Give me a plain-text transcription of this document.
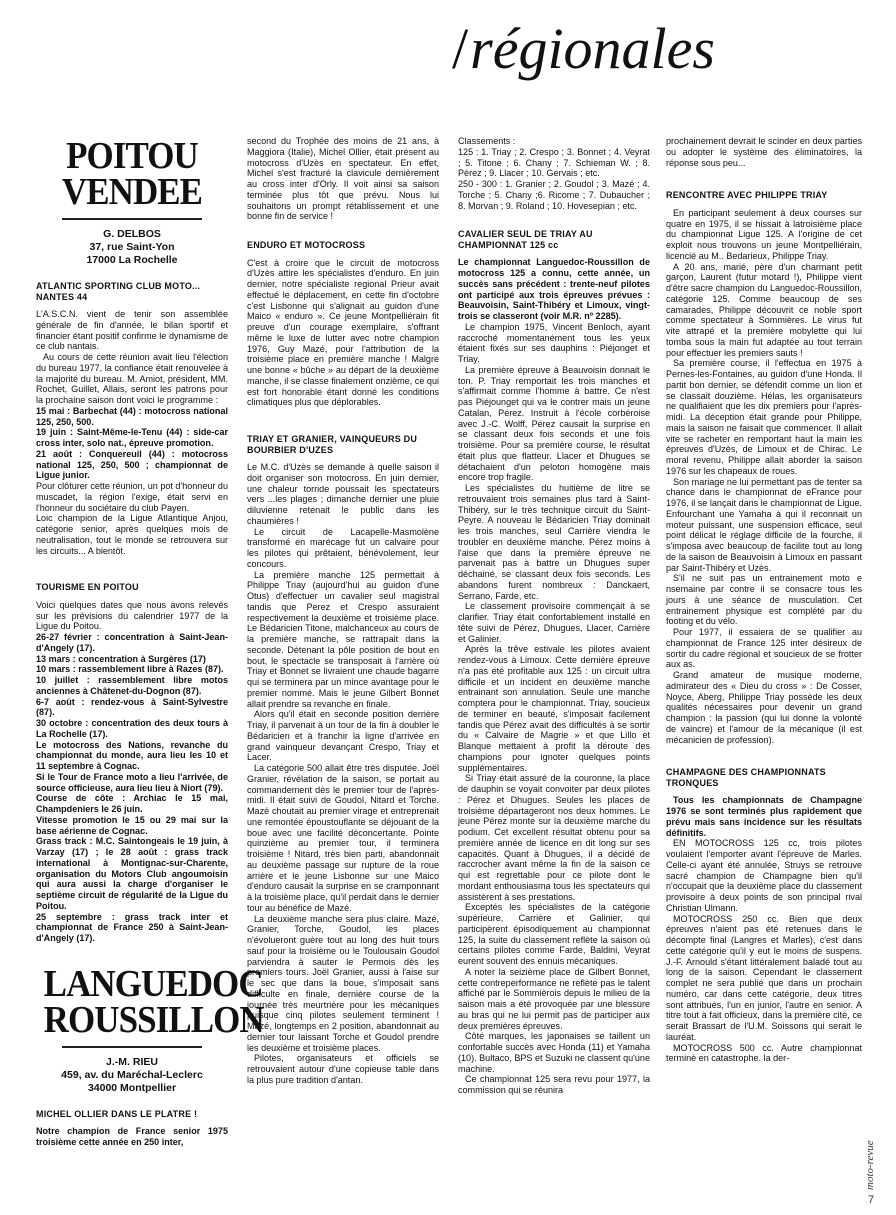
/régionales
POITOU
VENDEE
G. DELBOS
37, rue Saint-Yon
17000 La Rochelle
ATLANTIC SPORTING CLUB MOTO... NANTES 44

L'A.S.C.N. vient de tenir son assemblée générale de fin d'année, le bilan sportif et financier étant positif confirme le dynamisme de ce club nantais.

Au cours de cette réunion avait lieu l'élection du bureau 1977, la confiance était renouvelée à la majorité du bureau. M. Amiot, président, MM. Rochet, Guillet, Allais, seront les patrons pour la prochaine saison dont voici le programme :

15 mai : Barbechat (44) : motocross national 125, 250, 500.

19 juin : Saint-Même-le-Tenu (44) : side-car cross inter, solo nat., épreuve promotion.

21 août : Conquereuil (44) : motocross national 125, 250, 500 ; championnat de Ligue junior.

Pour clôturer cette réunion, un pot d'honneur du muscadet, la région l'exige, était servi en l'honneur du sociétaire du club Payen.

Loic champion de la Ligue Atlantique Anjou, catégorie senior, après quelques mois de neutralisation, tout le monde se retrouvera sur les circuits... A bientôt.

TOURISME EN POITOU

Voici quelques dates que nous avons relevés sur les prévisions du calendrier 1977 de la Ligue du Poitou.

26-27 février : concentration à Saint-Jean-d'Angely (17).

13 mars : concentration à Surgères (17)

10 mars : rassemblement libre à Razes (87).

10 juillet : rassemblement libre motos anciennes à Châtenet-du-Dognon (87).

6-7 août : rendez-vous à Saint-Sylvestre (87).

30 octobre : concentration des deux tours à La Rochelle (17).

Le motocross des Nations, revanche du championnat du monde, aura lieu les 10 et 11 septembre à Cognac.

Si le Tour de France moto a lieu l'arrivée, de source officieuse, aura lieu lieu à Niort (79).

Course de côte : Archiac le 15 mai, Champdeniers le 26 juin.

Vitesse promotion le 15 ou 29 mai sur la base aérienne de Cognac.

Grass track : M.C. Saintongeais le 19 juin, à Varzay (17) ; le 28 août : grass track international à Montignac-sur-Charente, organisation du Motors Club angoumoisin qui aura aussi la charge d'organiser le septième circuit de régularité de la Ligue du Poitou.

25 septembre : grass track inter et championnat de France 250 à Saint-Jean-d'Angely (17).

LANGUEDOC
ROUSSILLON
J.-M. RIEU
459, av. du Maréchal-Leclerc
34000 Montpellier
MICHEL OLLIER DANS LE PLATRE !

Notre champion de France senior 1975 troisième cette année en 250 inter,

second du Trophée des moins de 21 ans, à Maggiora (Italie), Michel Ollier, était présent au motocross d'Uzès en spectateur. En effet, Michel s'est fracturé la clavicule dernièrement au cross inter d'Orly. Il voit ainsi sa saison terminée plus tôt que prévu. Nous lui souhaitons un prompt rétablissement et une bonne fin de service !

ENDURO ET MOTOCROSS

C'est à croire que le circuit de motocross d'Uzès attire les spécialistes d'enduro. En juin dernier, notre spécialiste regional Prieur avait effectué le déplacement, en cette fin d'octobre c'est Lisbonne qui s'alignait au guidon d'une Maico « enduro ». Ce jeune Montpelliérain fit preuve d'un courage exemplaire, s'offrant même le luxe de lutter avec notre champion 1976, Guy Mazé, pour l'attribution de la troisième place en première manche ! Malgré une bonne « bûche » au départ de la deuxième manche, il se classe finalement onzième, ce qui est fort honorable étant donné les conditions climatiques plus que déplorables.

TRIAY ET GRANIER, VAINQUEURS DU BOURBIER D'UZES

Le M.C. d'Uzès se demande à quelle saison il doit organiser son motocross. En juin dernier, une chaleur torride poussait les spectateurs vers ...les plages ; dimanche dernier une pluie diluvienne retenait le public dans les chaumières !

Le circuit de Lacapelle-Masmolène transformé en marécage fut un calvaire pour les pilotes qui prêtaient, bénévolement, leur concours.

La première manche 125 permettait à Philippe Triay (aujourd'hui au guidon d'une Otus) d'effectuer un cavalier seul magistral tandis que Perez et Crespo assuraient respectivement la deuxième et troisième place. Le Bédaricien Titone, malchanceux au cours de la première manche, se rattrapait dans la seconde. Détenant la pôle position de bout en bout, le spectacle se transposait à l'arrière où Triay et Bonnet se livraient une chaude bagarre qui se terminera par un mince avantage pour le premier nommé. Mais le jeune Gilbert Bonnet allait prendre sa revanche en finale.

Alors qu'il était en seconde position derrière Triay, il parvenait à un tour de la fin à doubler le Bédaricien et à franchir la ligne d'arrivée en grand vainqueur devançant Crespo, Triay et Lacer.

La catégorie 500 allait être très disputée. Joël Granier, révélation de la saison, se portait au commandement dès le premier tour de l'après-midi. Il était suivi de Goudol, Nitard et Torche. Mazé choutait au premier virage et entreprenait une remontée époustouflante se déjouant de la boue avec une facilité déconcertante. Pointe quinzième au premier tour, il terminera troisième ! Nitard, très bien parti, abandonnait au deuxième passage sur rupture de la roue arrière et le jeune Lisbonne sur une Maico d'enduro causait la surprise en se cramponnant à la troisième place, qu'il perdait dans le dernier tour au bénéfice de Mazé.

La deuxième manche sera plus claire. Mazé, Granier, Torche, Goudol, les places n'évolueront guère tout au long des huit tours sauf pour la troisième ou le Toulousain Goudol parviendra à sauter le Permois dès les premiers tours. Joël Granier, aussi à l'aise sur le sec que dans la boue, s'imposait sans difficulte en finale, dernière course de la journée très meurtrière pour les mécaniques puisque cinq pilotes seulement terminent ! Mazé, longtemps en 2 position, abandonnait au dernier tour laissant Torche et Goudol prendre les deuxième et troisième places.

Pilotes, organisateurs et officiels se retrouvaient autour d'une copieuse table dans la plus pure tradition d'antan.

Classements :

125 : 1. Triay ; 2. Crespo ; 3. Bonnet ; 4. Veyrat ; 5. Titone ; 6. Chany ; 7. Schieman W. ; 8. Pérez ; 9. Llacer ; 10. Gervais ; etc.

250 - 300 : 1. Granier ; 2. Goudol ; 3. Mazé ; 4. Torche ; 5. Chany ;6. Ricome ; 7. Dubaucher ; 8. Morvan ; 9. Roland ; 10. Hovesepian ; etc.

CAVALIER SEUL DE TRIAY AU CHAMPIONNAT 125 cc

Le championnat Languedoc-Roussillon de motocross 125 a connu, cette année, un succès sans précédent : trente-neuf pilotes ont participé aux trois épreuves prévues : Beauvoisin, Saint-Thibéry et Limoux, vingt-trois se classeront (voir M.R. nº 2285).

Le champion 1975, Vincent Benloch, ayant raccroché momentanément tous les yeux étaient fixés sur ses dauphins : Piéjonget et Triay.

La première épreuve à Beauvoisin donnait le ton. P. Triay remportait les trois manches et s'affirmait comme l'homme à battre. Ce n'est pas Piéjounget qui va le contrer mais un jeune Catalan, Pérez. Instruit à l'école corbéroise avec J.-C. Wolff, Pérez causait la surprise en se classant deux fois seconds et une fois troisième. Pour sa première course, le résultat était plus que flatteur. Llacer et Dhugues se détachaient d'un peloton homogène mais encore trop fragile.

Les spécialistes du huitième de litre se retrouvaient trois semaines plus tard à Saint-Thibéry, sur le très technique circuit du Saint-Peyre. A nouveau le Bédaricien Triay dominait les trois manches, seul Carrière viendra le troubler en deuxième manche. Pérez moins à l'aise que dans la première épreuve ne parvenait pas à battre un Dhugues super déchainé, se classant deux fois seconds. Les abandons furent nombreux : Danckaert, Serrano, Farde, etc.

Le classement provisoire commençait à se clarifier. Triay était confortablement installé en tête suivi de Pérez, Dhugues, Llacer, Carrière et Galinier.

Après la trêve estivale les pilotes avaient rendez-vous à Limoux. Cette dernière épreuve n'a pas été profitable aux 125 : un circuit ultra difficile et un incident en deuxième manche entrainant son annulation. Seule une manche comptera pour le championnat. Triay, soucieux de terminer en beauté, s'imposait facilement tandis que Pérez avait des difficultés à se sortir du « Calvaire de Magrie » et que Lillo et Blanque mettaient à profit la déroute des champions pour ignoter quelques points supplémentaires.

Si Triay était assuré de la couronne, la place de dauphin se voyait convoiter par deux pilotes : Pérez et Dhugues. Seules les places de troisième départageront nos deux hommes. Le jeune Pérez monte sur la deuxième marche du podium. Cet excellent résultat obtenu pour sa première année de licence en dit long sur ses capacités. Quant à Dhugues, il a décidé de raccrocher avant même la fin de la saison ce qui est regrettable pour ce pilote dont le mordant enthousiasma tous les spectateurs qui assistèrent à ses prestations.

Exceptés les spécialistes de la catégorie supérieure, Carrière et Galinier, qui participèrent épisodiquement au championnat 125, la suite du classement reflète la saison où certains pilotes comme Farde, Baldini, Veyrat eurent souvent des ennuis mécaniques.

A noter la seizième place de Gilbert Bonnet, cette contreperformance ne reflète pas le talent affiché par le Sommièrois depuis le milieu de la saison mais a été provoquée par une blessure au bras qui ne lui permit pas de participer aux deux premières épreuves.

Côté marques, les japonaises se taillent un confortable succès avec Honda (11) et Yamaha (10). Bultaco, BPS et Suzuki ne classent qu'une machine.

Ce championnat 125 sera revu pour 1977, la commission qui se réunira

prochainement devrait le scinder en deux parties ou adopter le système des éliminatoires, la réponse sous peu...

RENCONTRE AVEC PHILIPPE TRIAY

En participant seulement à deux courses sur quatre en 1975, il se hissait à latroisième place du championnat Ligue 125. A l'origine de cet exploit nous trouvons un jeune Montpelliérain, licencié au M.. Bedarieux, Philippe Triay.

A 20 ans, marié, père d'un charmant petit garçon, Laurent (futur motard !), Philippe vient d'être sacre champion du Languedoc-Roussillon, catégorie 125. Comme beaucoup de ses camarades, Philippe découvrit ce noble sport comme spectateur à Sommières. Le virus fut vite attrapé et la première mobylette qui lui tomba sous la main fut adaptée au tout terrain pour effectuer les premiers sauts !

Sa première course, il l'effectua en 1975 à Pernes-les-Fontaines, au guidon d'une Honda. Il partit bon dernier, se défendit comme un lion et se classait douzième. Hélas, les organisateurs ne qualifiaient que les dix premiers pour l'après-midi. La déception était grande pour Philippe, mais la saison ne faisait que commencer. Il allait vite se racheter en remportant haut la main les épreuves d'Uzès, de Limoux et de Chirac. Le moral revenu, Philippe allait aborder la saison 1976 sur les chapeaux de roues.

Son mariage ne lui permettant pas de tenter sa chance dans le championnat de eFrance pour 1976, il se lançait dans le championnat de Ligue. Enfourchant une Yamaha à qui il reconnait un moteur puissant, une suspension efficace, seul point délicat le réglage difficile de la fourche, il s'imposa avec beaucoup de facilite tout au long de la saison de Beauvoisin à Limoux en passant par Saint-Thibéry et Uzès.

S'il ne suit pas un entrainement moto e nsemaine par contre il se consacre tous les jours à une séance de musculation. Cet entrainement physique est complété par du footing et du vélo.

Pour 1977, il essaiera de se qualifier au championnat de France 125 inter désireux de sortir du cadre régional et soucieux de se frotter aux as.

Grand amateur de musique moderne, admirateur des « Dieu du cross » : De Cosser, Noyce, Aberg, Philippe Triay possède les deux qualités nécessaires pour devenir un grand champion : la passion (qui lui donne la volonté de vaincre) et l'amour de la mécanique (il est mécanicien de profession).

CHAMPAGNE DES CHAMPIONNATS TRONQUES

Tous les championnats de Champagne 1976 se sont terminés plus rapidement que prévu mais sans incidence sur les résultats définitifs.

EN MOTOCROSS 125 cc, trois pilotes voulaient l'emporter avant l'épreuve de Marles. Celle-ci ayant été annulée, Struys se retrouve sacré champion de Champagne bien qu'il n'occupait que la deuxième place du classement provisoire à deux points de son principal rival Christian Ulmann.

MOTOCROSS 250 cc. Bien que deux épreuves n'aient pas été retenues dans le décompte final (Langres et Marles), c'est dans cette catégorie qu'il y eut le moins de suspens. J.-F. Arnould s'étant littéralement baladé tout au long de la saison. Cependant le classement complet ne sera publié que dans un prochain numéro, car dans cette catégorie, deux titres sont attribués, l'un en junior, l'autre en senior. A titre tout à fait officieux, dans la première cité, ce serait Brassart de l'U.M. Soissons qui serait le lauréat.

MOTOCROSS 500 cc. Autre championnat terminé en catastrophe. la der-

moto-revue
7
